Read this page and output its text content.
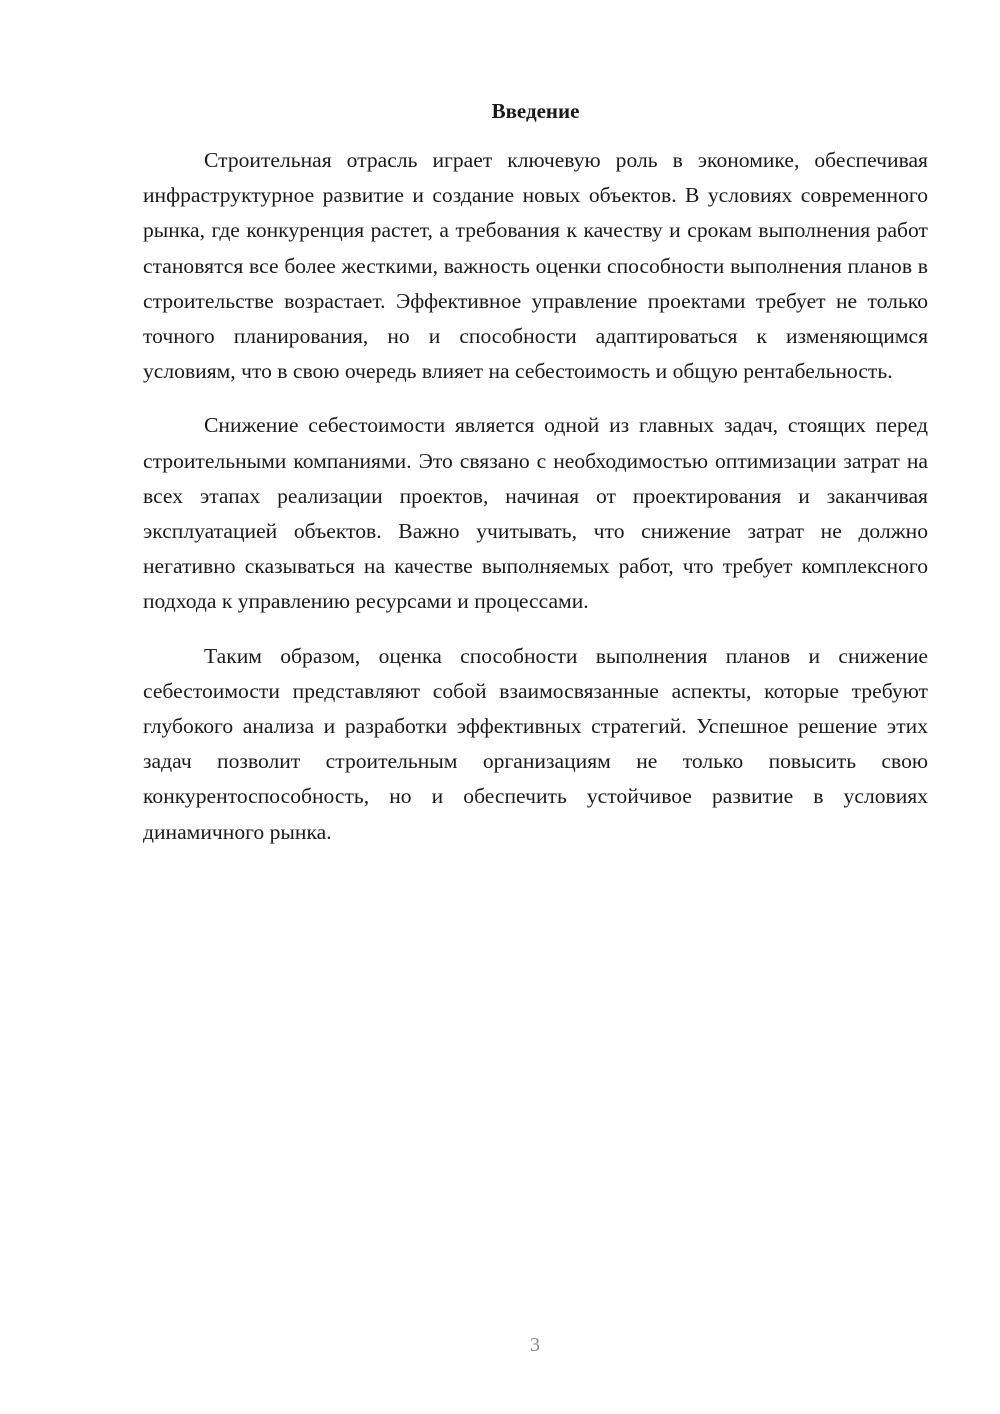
Введение

Строительная отрасль играет ключевую роль в экономике, обеспечивая инфраструктурное развитие и создание новых объектов. В условиях современного рынка, где конкуренция растет, а требования к качеству и срокам выполнения работ становятся все более жесткими, важность оценки способности выполнения планов в строительстве возрастает. Эффективное управление проектами требует не только точного планирования, но и способности адаптироваться к изменяющимся условиям, что в свою очередь влияет на себестоимость и общую рентабельность.

Снижение себестоимости является одной из главных задач, стоящих перед строительными компаниями. Это связано с необходимостью оптимизации затрат на всех этапах реализации проектов, начиная от проектирования и заканчивая эксплуатацией объектов. Важно учитывать, что снижение затрат не должно негативно сказываться на качестве выполняемых работ, что требует комплексного подхода к управлению ресурсами и процессами.

Таким образом, оценка способности выполнения планов и снижение себестоимости представляют собой взаимосвязанные аспекты, которые требуют глубокого анализа и разработки эффективных стратегий. Успешное решение этих задач позволит строительным организациям не только повысить свою конкурентоспособность, но и обеспечить устойчивое развитие в условиях динамичного рынка.

3
